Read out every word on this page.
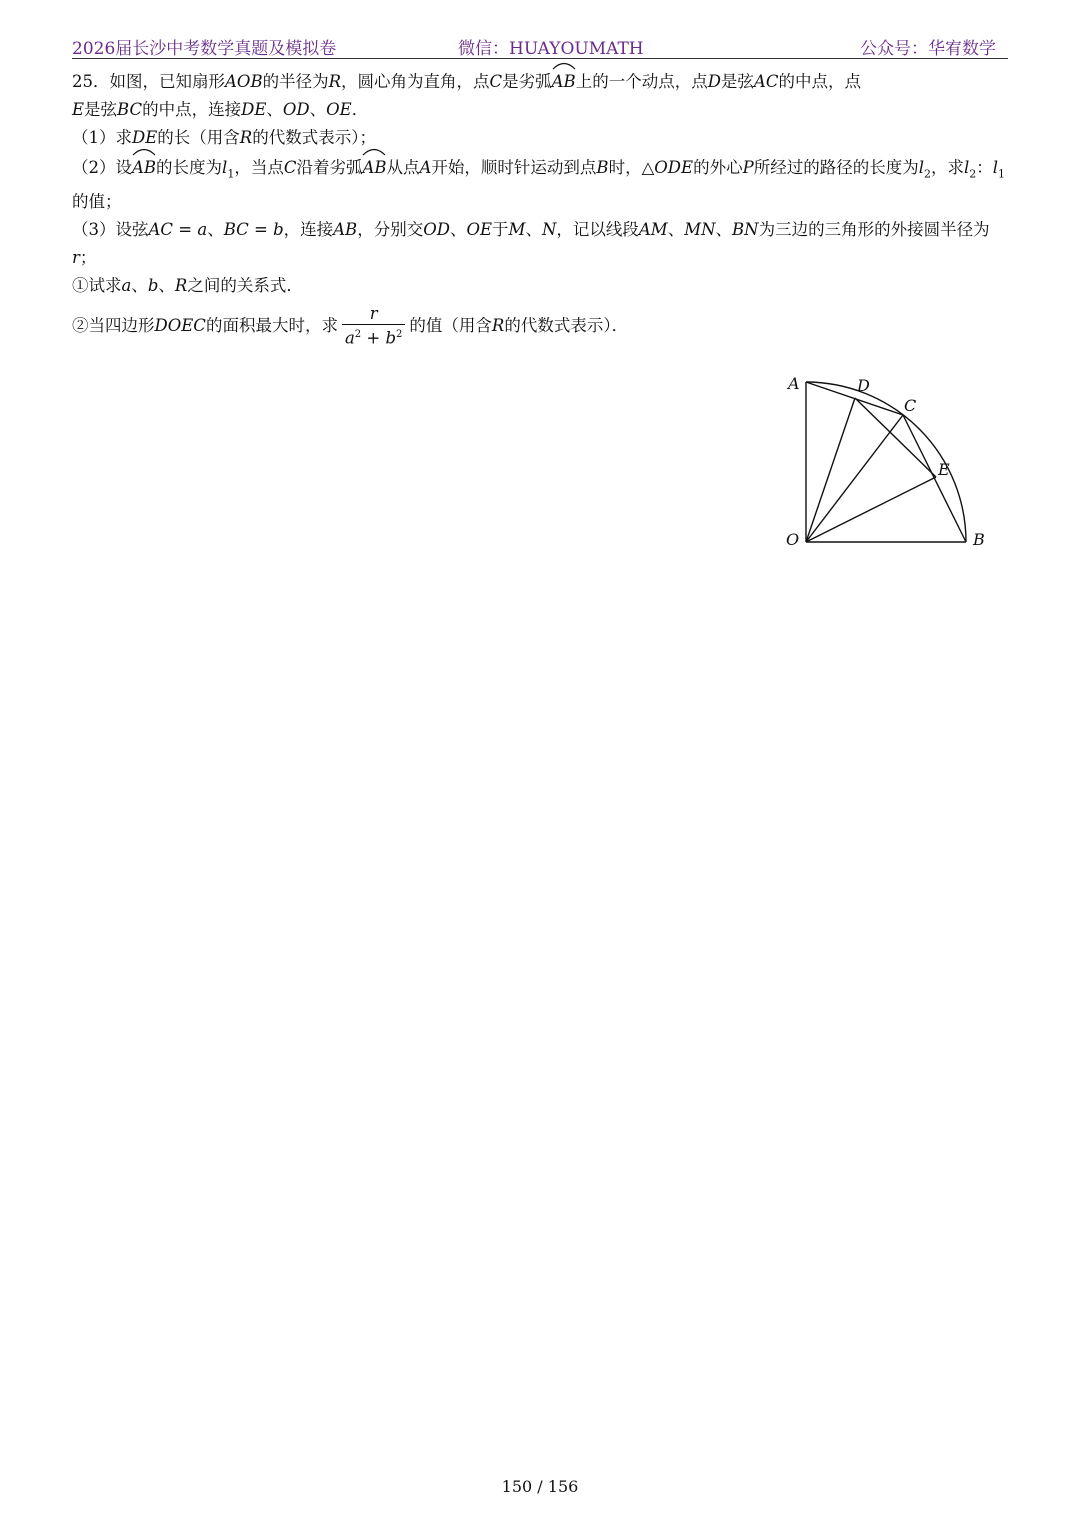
2026届长沙中考数学真题及模拟卷	微信：HUAYOUMATH	公众号：华宥数学

25．如图，已知扇形AOB的半径为R，圆心角为直角，点C是劣弧
AB上的一个动点，点D是弦AC的中点，点
E是弦BC的中点，连接DE、OD、OE．

（1）求DE的长（用含R的代数式表示）；

（2）设
AB的长度为$l_1$，当点C沿着劣弧
AB从点A开始，顺时针运动到点B时，△ODE的外心P所经过的路径的长度为$l_2$，求$l_2$：$l_1$的值；

（3）设弦AC = a、BC = b，连接AB，分别交OD、OE于M、N，记以线段AM、MN、BN为三边的三角形的外接圆半径为r；

①试求a、b、R之间的关系式．

②当四边形DOEC的面积最大时，求 $\frac{r}{a^2 + b^2}$ 的值（用含R的代数式表示）．

A	D
C
E
O	B
150 / 156
